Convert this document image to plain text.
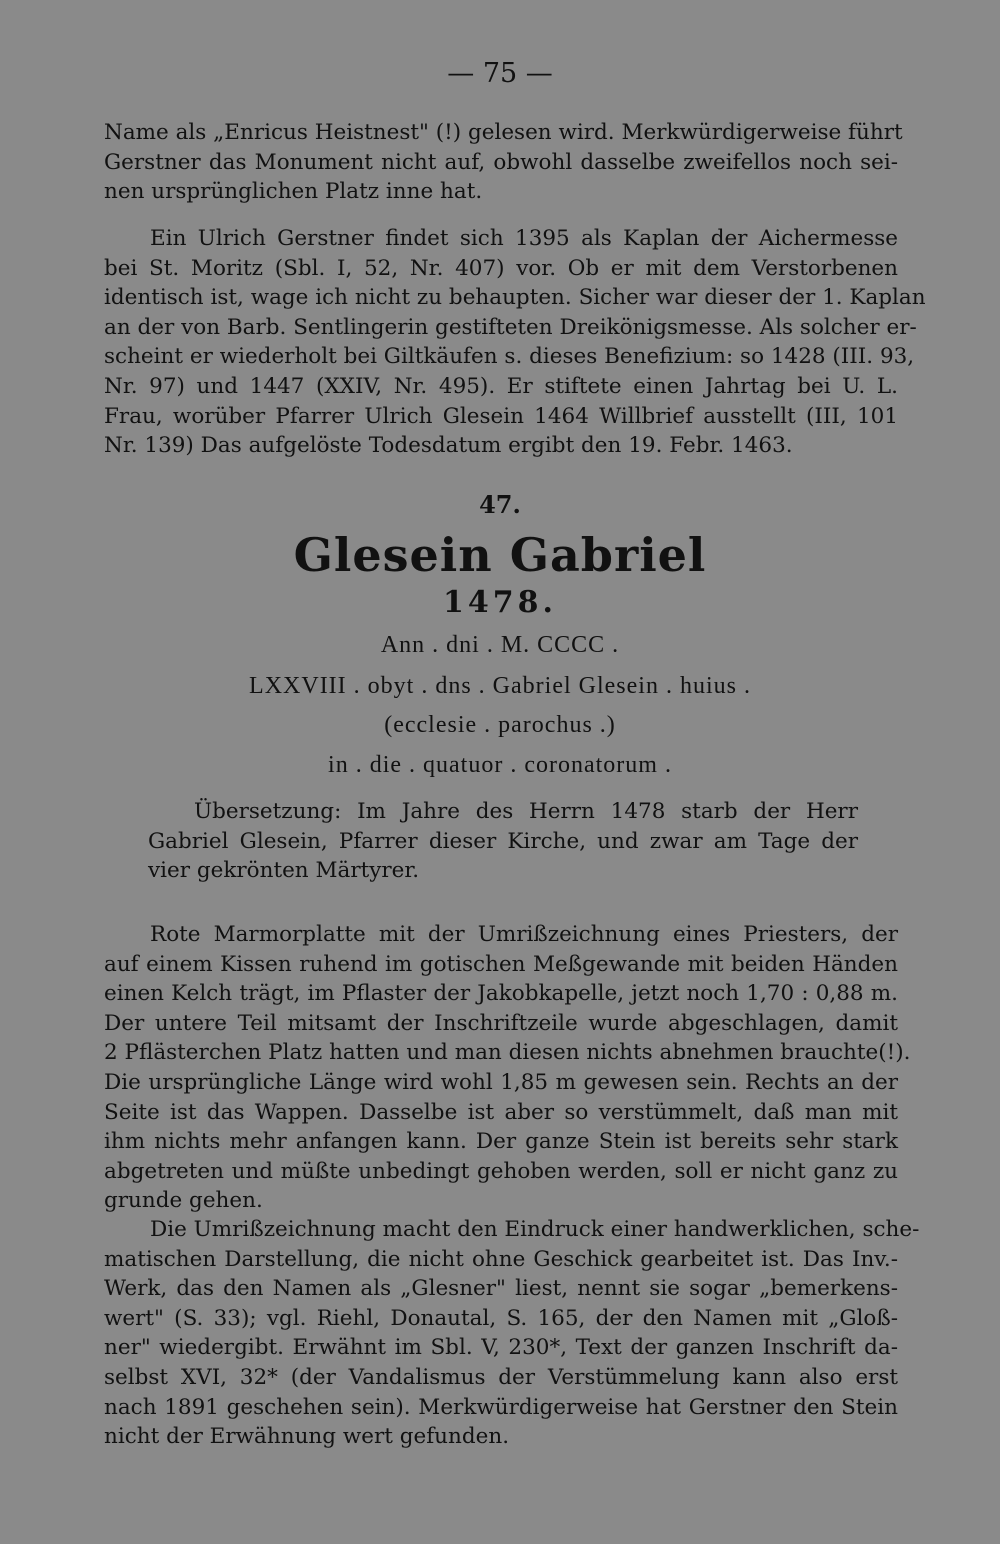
— 75 —
Name als „Enricus Heistnest" (!) gelesen wird. Merkwürdigerweise führt
Gerstner das Monument nicht auf, obwohl dasselbe zweifellos noch sei-
nen ursprünglichen Platz inne hat.
Ein Ulrich Gerstner findet sich 1395 als Kaplan der Aichermesse
bei St. Moritz (Sbl. I, 52, Nr. 407) vor. Ob er mit dem Verstorbenen
identisch ist, wage ich nicht zu behaupten. Sicher war dieser der 1. Kaplan
an der von Barb. Sentlingerin gestifteten Dreikönigsmesse. Als solcher er-
scheint er wiederholt bei Giltkäufen s. dieses Benefizium: so 1428 (III. 93,
Nr. 97) und 1447 (XXIV, Nr. 495). Er stiftete einen Jahrtag bei U. L.
Frau, worüber Pfarrer Ulrich Glesein 1464 Willbrief ausstellt (III, 101
Nr. 139) Das aufgelöste Todesdatum ergibt den 19. Febr. 1463.
47.
Glesein Gabriel
1478.
Ann . dni . M. CCCC .
LXXVIII . obyt . dns . Gabriel Glesein . huius .
(ecclesie . parochus .)
in . die . quatuor . coronatorum .
Übersetzung: Im Jahre des Herrn 1478 starb der Herr
Gabriel Glesein, Pfarrer dieser Kirche, und zwar am Tage der
vier gekrönten Märtyrer.
Rote Marmorplatte mit der Umrißzeichnung eines Priesters, der
auf einem Kissen ruhend im gotischen Meßgewande mit beiden Händen
einen Kelch trägt, im Pflaster der Jakobkapelle, jetzt noch 1,70 : 0,88 m.
Der untere Teil mitsamt der Inschriftzeile wurde abgeschlagen, damit
2 Pflästerchen Platz hatten und man diesen nichts abnehmen brauchte(!).
Die ursprüngliche Länge wird wohl 1,85 m gewesen sein. Rechts an der
Seite ist das Wappen. Dasselbe ist aber so verstümmelt, daß man mit
ihm nichts mehr anfangen kann. Der ganze Stein ist bereits sehr stark
abgetreten und müßte unbedingt gehoben werden, soll er nicht ganz zu
grunde gehen.
Die Umrißzeichnung macht den Eindruck einer handwerklichen, sche-
matischen Darstellung, die nicht ohne Geschick gearbeitet ist. Das Inv.-
Werk, das den Namen als „Glesner" liest, nennt sie sogar „bemerkens-
wert" (S. 33); vgl. Riehl, Donautal, S. 165, der den Namen mit „Gloß-
ner" wiedergibt. Erwähnt im Sbl. V, 230*, Text der ganzen Inschrift da-
selbst XVI, 32* (der Vandalismus der Verstümmelung kann also erst
nach 1891 geschehen sein). Merkwürdigerweise hat Gerstner den Stein
nicht der Erwähnung wert gefunden.
